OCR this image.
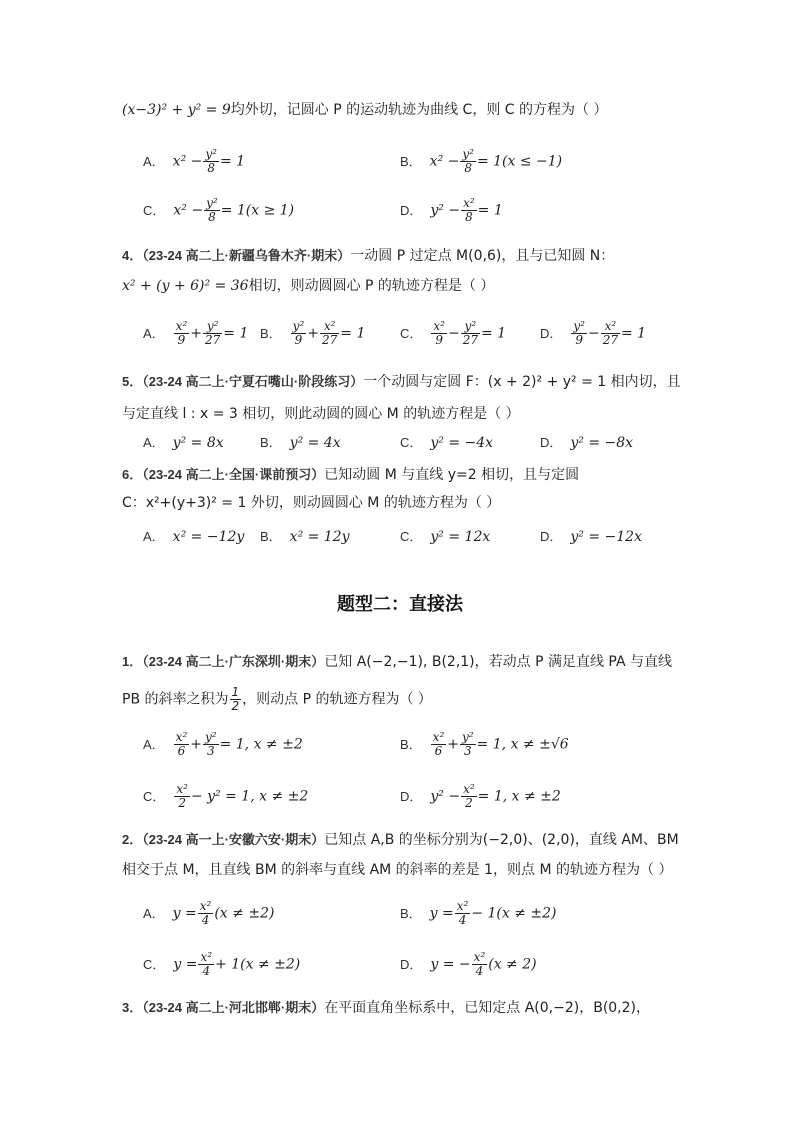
(x−3)² + y² = 9均外切，记圆心 P 的运动轨迹为曲线 C，则 C 的方程为（ ）
A． $x^2 - \frac{\text{y²}}{8} = 1$	B． $x^2 - \frac{\text{y²}}{8} = 1(x \le -1)$
C． $x^2 - \frac{\text{y²}}{8} = 1(x \ge 1)$	D． $y^2 - \frac{\text{x²}}{8} = 1$
4．（23-24 高二上·新疆乌鲁木齐·期末）一动圆 P 过定点 M(0,6)，且与已知圆 N：
x² + (y + 6)² = 36相切，则动圆圆心 P 的轨迹方程是（ ）
A． $\frac{\text{x²}}{9} + \frac{\text{y²}}{27} = 1$ B． $\frac{\text{y²}}{9} + \frac{\text{x²}}{27} = 1$	C． $\frac{\text{x²}}{9} - \frac{\text{y²}}{27} = 1$	D． $\frac{\text{y²}}{9} - \frac{\text{x²}}{27} = 1$
5．（23-24 高二上·宁夏石嘴山·阶段练习）一个动圆与定圆 F：(x + 2)² + y² = 1 相内切，且
与定直线 l : x = 3 相切，则此动圆的圆心 M 的轨迹方程是（ ）
A． y² = 8x	B． y² = 4x	C． y² = −4x	D． y² = −8x
6．（23-24 高二上·全国·课前预习）已知动圆 M 与直线 y=2 相切，且与定圆
C：x²+(y+3)² = 1 外切，则动圆圆心 M 的轨迹方程为（ ）
A． x² = −12y B． x² = 12y	C． y² = 12x	D． y² = −12x
题型二：直接法
1．（23-24 高二上·广东深圳·期末）已知 A(−2,−1), B(2,1)，若动点 P 满足直线 PA 与直线
PB 的斜率之积为 $\frac{1}{2}$ ，则动点 P 的轨迹方程为（ ）
A． $\frac{\text{x²}}{6} + \frac{\text{y²}}{3} = 1$, x ≠ ±2	B． $\frac{\text{x²}}{6} + \frac{\text{y²}}{3} = 1$, x ≠ ±√6
C． $\frac{\text{x²}}{2} - y^2 = 1$, x ≠ ±2	D． $y^2 - \frac{\text{x²}}{2} = 1$, x ≠ ±2
2．（23-24 高一上·安徽六安·期末）已知点 A,B 的坐标分别为(−2,0)、(2,0)，直线 AM、BM
相交于点 M，且直线 BM 的斜率与直线 AM 的斜率的差是 1，则点 M 的轨迹方程为（ ）
A． $y = \frac{\text{x²}}{4} (x \ne \pm 2)$	B． $y = \frac{\text{x²}}{4} - 1(x \ne \pm 2)$
C． $y = \frac{\text{x²}}{4} + 1(x \ne \pm 2)$	D． y = − $\frac{\text{x²}}{4} (x \ne 2)$
3．（23-24 高二上·河北邯郸·期末）在平面直角坐标系中，已知定点 A(0,−2)，B(0,2)，
